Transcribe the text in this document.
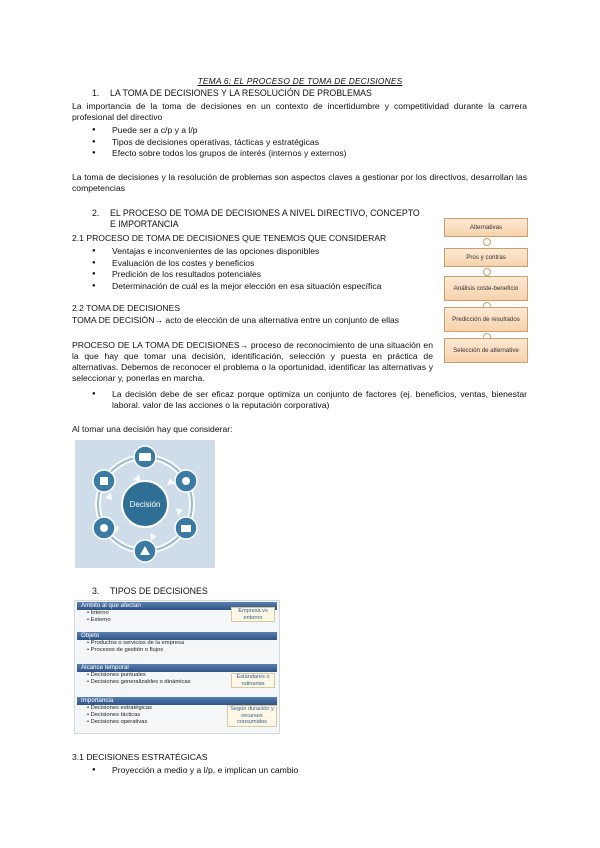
TEMA 6: EL PROCESO DE TOMA DE DECISIONES
1. LA TOMA DE DECISIONES Y LA RESOLUCIÓN DE PROBLEMAS
La importancia de la toma de decisiones en un contexto de incertidumbre y competitividad durante la carrera profesional del directivo
● Puede ser a c/p y a l/p
● Tipos de decisiones operativas, tácticas y estratégicas
● Efecto sobre todos los grupos de interés (internos y externos)
La toma de decisiones y la resolución de problemas son aspectos claves a gestionar por los directivos, desarrollan las competencias
2. EL PROCESO DE TOMA DE DECISIONES A NIVEL DIRECTIVO, CONCEPTO
E IMPORTANCIA
2.1 PROCESO DE TOMA DE DECISIONES QUE TENEMOS QUE CONSIDERAR
● Ventajas e inconvenientes de las opciones disponibles
● Evaluación de los costes y beneficios
● Predición de los resultados potenciales
● Determinación de cuál es la mejor elección en esa situación específica
Alternativas
Pros y contras
Análisis coste-beneficio
Predicción de resultados
Selección de alternative
2.2 TOMA DE DECISIONES
TOMA DE DECISIÓN→ acto de elección de una alternativa entre un conjunto de ellas
PROCESO DE LA TOMA DE DECISIONES→ proceso de reconocimiento de una situación en la que hay que tomar una decisión, identificación, selección y puesta en práctica de alternativas. Debemos de reconocer el problema o la oportunidad, identificar las alternativas y seleccionar y, ponerlas en marcha.
● La decisión debe de ser eficaz porque optimiza un conjunto de factores (ej. beneficios, ventas, bienestar laboral. valor de las acciones o la reputación corporativa)
Al tomar una decisión hay que considerar:
Decisión
3. TIPOS DE DECISIONES
Ámbito al que afectan
• Interno
• Externo
Empresa vs entorno
Objeto
• Productos o servicios de la empresa
• Procesos de gestión o flujos
Alcance temporal
• Decisiones puntuales
• Decisiones generalizables o dinámicas
Estándares o rutinarias
Importancia
• Decisiones estratégicas
• Decisiones tácticas
• Decisiones operativas
Según duración y recursos consumidos
3.1 DECISIONES ESTRATÉGICAS
● Proyección a medio y a l/p, e implican un cambio
